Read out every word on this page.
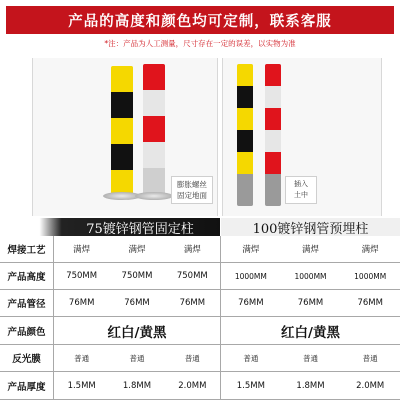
产品的高度和颜色均可定制，联系客服
*注：产品为人工测量，尺寸存在一定的误差，以实物为准
膨胀螺丝
固定地面
插入
土中
75镀锌钢管固定柱	100镀锌钢管预埋柱
焊接工艺	满焊	满焊	满焊	满焊	满焊	满焊
产品高度	750MM	750MM	750MM	1000MM	1000MM	1000MM
产品管径	76MM	76MM	76MM	76MM	76MM	76MM
产品颜色	红白/黄黑	红白/黄黑
反光膜	普通	普通	普通	普通	普通	普通
产品厚度	1.5MM	1.8MM	2.0MM	1.5MM	1.8MM	2.0MM
